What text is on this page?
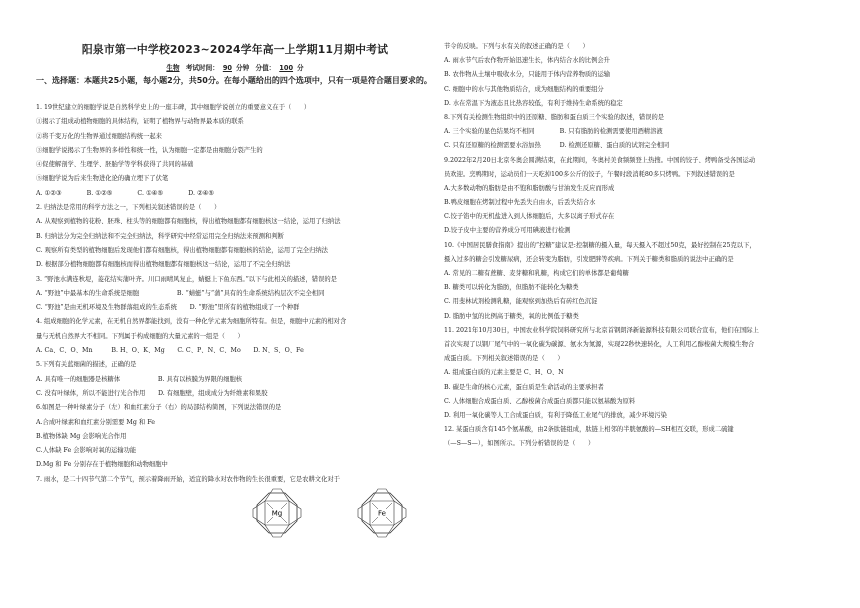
阳泉市第一中学校2023~2024学年高一上学期11月期中考试
生物 考试时间： 90 分钟 分值： 100 分
一、选择题：本题共25小题，每小题2分，共50分。在每小题给出的四个选项中，只有一项是符合题目要求的。
1. 19世纪建立的细胞学说是自然科学史上的一座丰碑，其中细胞学说创立的重要意义在于（　　）
①揭示了组成动植物细胞的具体结构，证明了植物界与动物界最本质的联系
②将千变万化的生物界通过细胞结构统一起来
③细胞学说揭示了生物界的多样性和统一性，认为细胞一定都是由细胞分裂产生的
④促使解剖学、生理学、胚胎学等学科获得了共同的基础
⑤细胞学说为后来生物进化论的确立埋下了伏笔
A. ①②③　　　　B. ①②⑤　　　　C. ①④⑤　　　　D. ②④⑤
2. 归纳法是常用的科学方法之一，下列相关叙述错误的是（　　）
A. 从观察到植物的花粉、胚珠、柱头等的细胞都有细胞核，得出植物细胞都有细胞核这一结论，运用了归纳法
B. 归纳法分为完全归纳法和不完全归纳法，科学研究中经常运用完全归纳法来预测和判断
C. 观察所有类型的植物细胞后发现他们都有细胞核，得出植物细胞都有细胞核的结论，运用了完全归纳法
D. 根据部分植物细胞都有细胞核而得出植物细胞都有细胞核这一结论，运用了不完全归纳法
3. “野池水满连秋堤，菱花结实蒲叶齐。川口雨晴风复止，蜻蜓上下鱼东西。”以下与此相关的描述，错误的是
A. “野池”中最基本的生命系统是细胞　　　　　　B. “蜻蜓”与“蒲”具有的生命系统结构层次不完全相同
C. “野池”是由无机环境及生物群落组成的生态系统　　D. “野池”里所有的植物组成了一个种群
4. 组成细胞的化学元素，在无机自然界都能找到，没有一种化学元素为细胞所特有。但是，细胞中元素的相对含
量与无机自然界大不相同。下列属于构成细胞的大量元素的一组是（　　）
A. Ca、C、O、Mn　　　B. H、O、K、Mg　　C. C、P、N、C、Mo　　D. N、S、O、Fe
5.下列有关蓝细菌的描述，正确的是
A. 具有唯一的细胞器是核糖体　　　　　　B. 具有以核膜为界限的细胞核
C. 没有叶绿体，所以不能进行光合作用　　D. 有细胞壁，组成成分为纤维素和果胶
6.如图是一种叶绿素分子（左）和血红素分子（右）的局部结构简图，下列说法错误的是
A.合成叶绿素和血红素分别需要 Mg 和 Fe
B.植物体缺 Mg 会影响光合作用
C.人体缺 Fe 会影响对氧的运输功能
D.Mg 和 Fe 分别存在于植物细胞和动物细胞中
7. 雨水，是二十四节气第二个节气，预示着降雨开始，适宜的降水对农作物的生长很重要，它是农耕文化对于
节令的反映。下列与水有关的叙述正确的是（　　）
A. 雨水节气后农作物开始迅速生长，体内结合水的比例会升
B. 农作物从土壤中吸收水分，只能用于体内营养物质的运输
C. 细胞中的水与其他物质结合，成为细胞结构的重要组分
D. 水在常温下为液态且比热容较低，有利于维持生命系统的稳定
8.下列有关检测生物组织中的还原糖、脂肪和蛋白质三个实验的叙述，错误的是
A. 三个实验的显色结果均不相同　　　　B. 只有脂肪的检测需要使用酒精溶液
C. 只有还原糖的检测需要水浴加热　　　D. 检测还原糖、蛋白质的试剂完全相同
9.2022年2月20日北京冬奥会圆满结束，在此期间，冬奥村美食频频登上热搜。中国的饺子、烤鸭备受各国运动
员欢迎。烹鸭期时，运动员们一天吃掉100多公斤的饺子，午餐时段消耗80多只烤鸭。下列叙述错误的是
A.大多数动物的脂肪是由不饱和脂肪酸与甘油发生反应而形成
B.鸭皮细胞在烤制过程中先丢失自由水，后丢失结合水
C.饺子馅中的无机盐进入到人体细胞后，大多以离子形式存在
D.饺子皮中主要的营养成分可用碘液进行检测
10.《中国居民膳食指南》提出的“控糖”建议是:控制糖的摄入量，每天摄入不超过50克，最好控制在25克以下，
摄入过多的糖会引发糖尿病，还会转变为脂肪，引发肥胖等疾病。下列关于糖类和脂质的说法中正确的是
A. 常见的二糖有蔗糖、麦芽糖和乳糖，构成它们的单体都是葡萄糖
B. 糖类可以转化为脂肪，但脂肪不能转化为糖类
C. 用斐林试剂检测乳糖，能观察到加热后有砖红色沉淀
D. 脂肪中氢的比例高于糖类，氧的比例低于糖类
11. 2021年10月30日，中国农业科学院饲料研究所与北京首钢朗泽新能源科技有限公司联合宣布，他们在国际上
首次实现了以钢厂尾气中的一氧化碳为碳源、氨水为氮源，实现22秒快速转化，人工利用乙醇梭菌大规模生物合
成蛋白质。下列相关叙述错误的是（　　）
A. 组成蛋白质的元素主要是 C、H、O、N
B. 碳是生命的核心元素，蛋白质是生命活动的主要承担者
C. 人体细胞合成蛋白质、乙醇梭菌合成蛋白质都只能以氨基酸为原料
D. 利用一氧化碳等人工合成蛋白质，有利于降低工业尾气的排放，减少环境污染
12. 某蛋白质含有145个氨基酸，由2条肽链组成，肽链上相邻的半胱氨酸的—SH相互交联，形成二硫键
（—S—S—），如图所示。下列分析错误的是（　　）
Mg	Fe
